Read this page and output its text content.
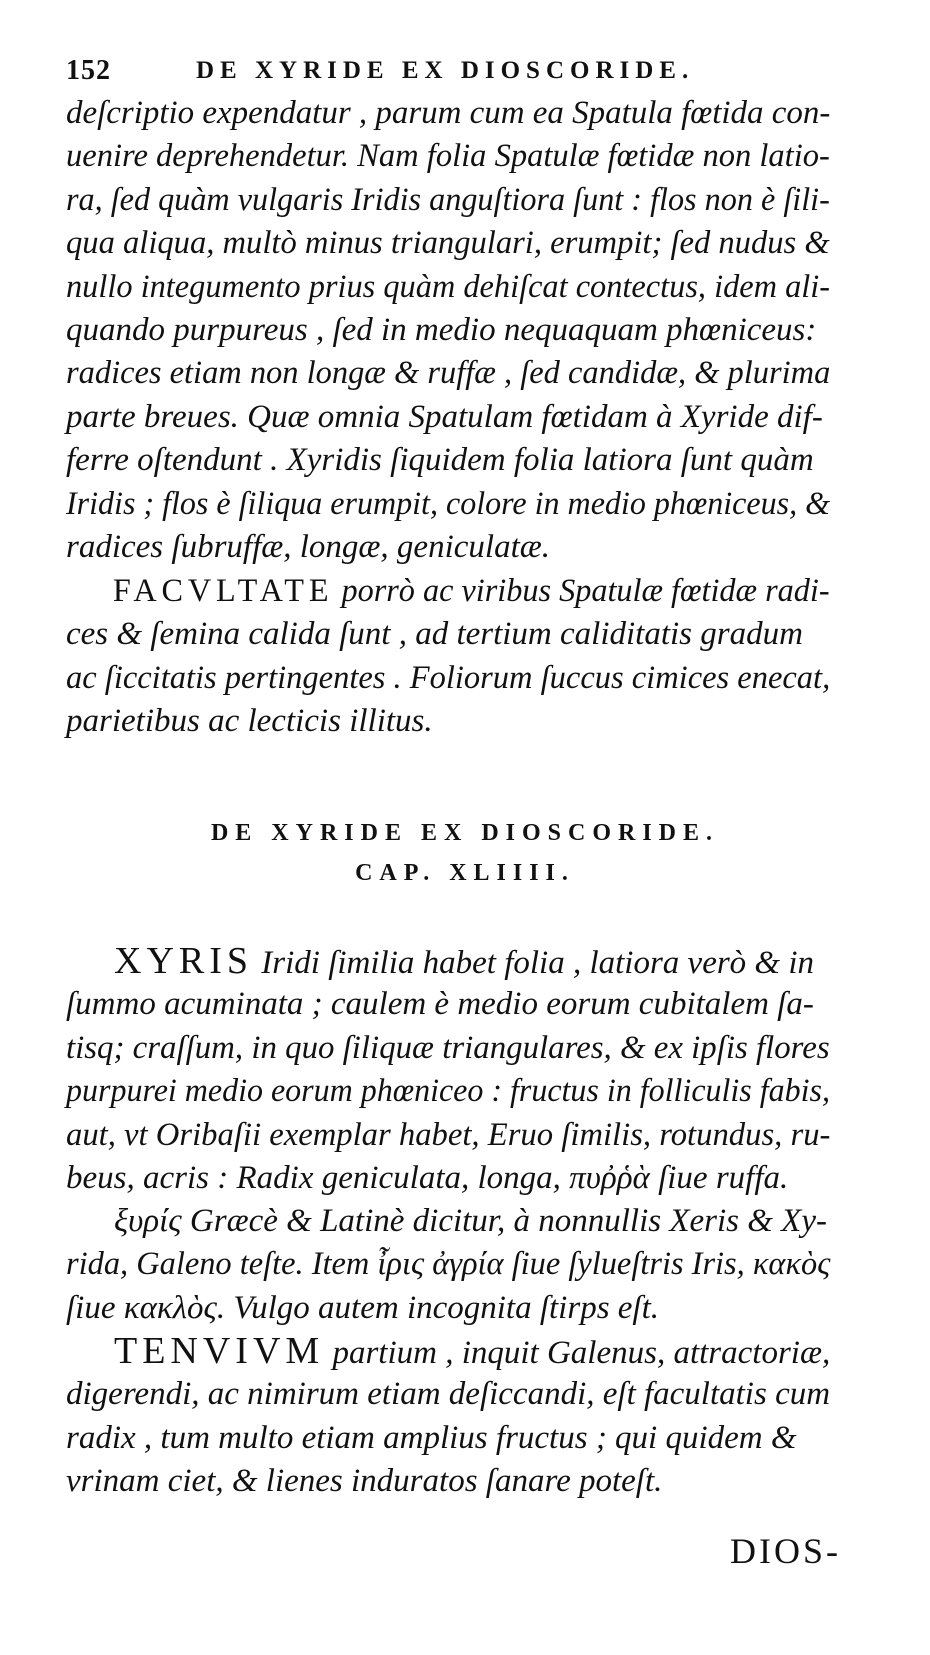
152	DE XYRIDE EX DIOSCORIDE.
deſcriptio expendatur , parum cum ea Spatula fœtida con-
uenire deprehendetur. Nam folia Spatulæ fœtidæ non latio-
ra, ſed quàm vulgaris Iridis anguſtiora ſunt : flos non è ſili-
qua aliqua, multò minus triangulari, erumpit; ſed nudus &
nullo integumento prius quàm dehiſcat contectus, idem ali-
quando purpureus , ſed in medio nequaquam phœniceus:
radices etiam non longæ & ruffæ , ſed candidæ, & plurima
parte breues. Quæ omnia Spatulam fœtidam à Xyride dif-
ferre oſtendunt . Xyridis ſiquidem folia latiora ſunt quàm
Iridis ; flos è ſiliqua erumpit, colore in medio phœniceus, &
radices ſubruffæ, longæ, geniculatæ.
FACVLTATE porrò ac viribus Spatulæ fœtidæ radi-
ces & ſemina calida ſunt , ad tertium caliditatis gradum
ac ſiccitatis pertingentes . Foliorum ſuccus cimices enecat,
parietibus ac lecticis illitus.
DE XYRIDE EX DIOSCORIDE.
CAP. XLIIII.
XYRIS Iridi ſimilia habet folia , latiora verò & in
ſummo acuminata ; caulem è medio eorum cubitalem ſa-
tisq; craſſum, in quo ſiliquæ triangulares, & ex ipſis flores
purpurei medio eorum phœniceo : fructus in folliculis fabis,
aut, vt Oribaſii exemplar habet, Eruo ſimilis, rotundus, ru-
beus, acris : Radix geniculata, longa, πυῤῥὰ ſiue ruffa.
ξυρίς Græcè & Latinè dicitur, à nonnullis Xeris & Xy-
rida, Galeno teſte. Item ἶρις ἀγρία ſiue ſylueſtris Iris, κακὸς
ſiue κακλὸς. Vulgo autem incognita ſtirps eſt.
TENVIVM partium , inquit Galenus, attractoriæ,
digerendi, ac nimirum etiam deſiccandi, eſt facultatis cum
radix , tum multo etiam amplius fructus ; qui quidem &
vrinam ciet, & lienes induratos ſanare poteſt.
DIOS-
